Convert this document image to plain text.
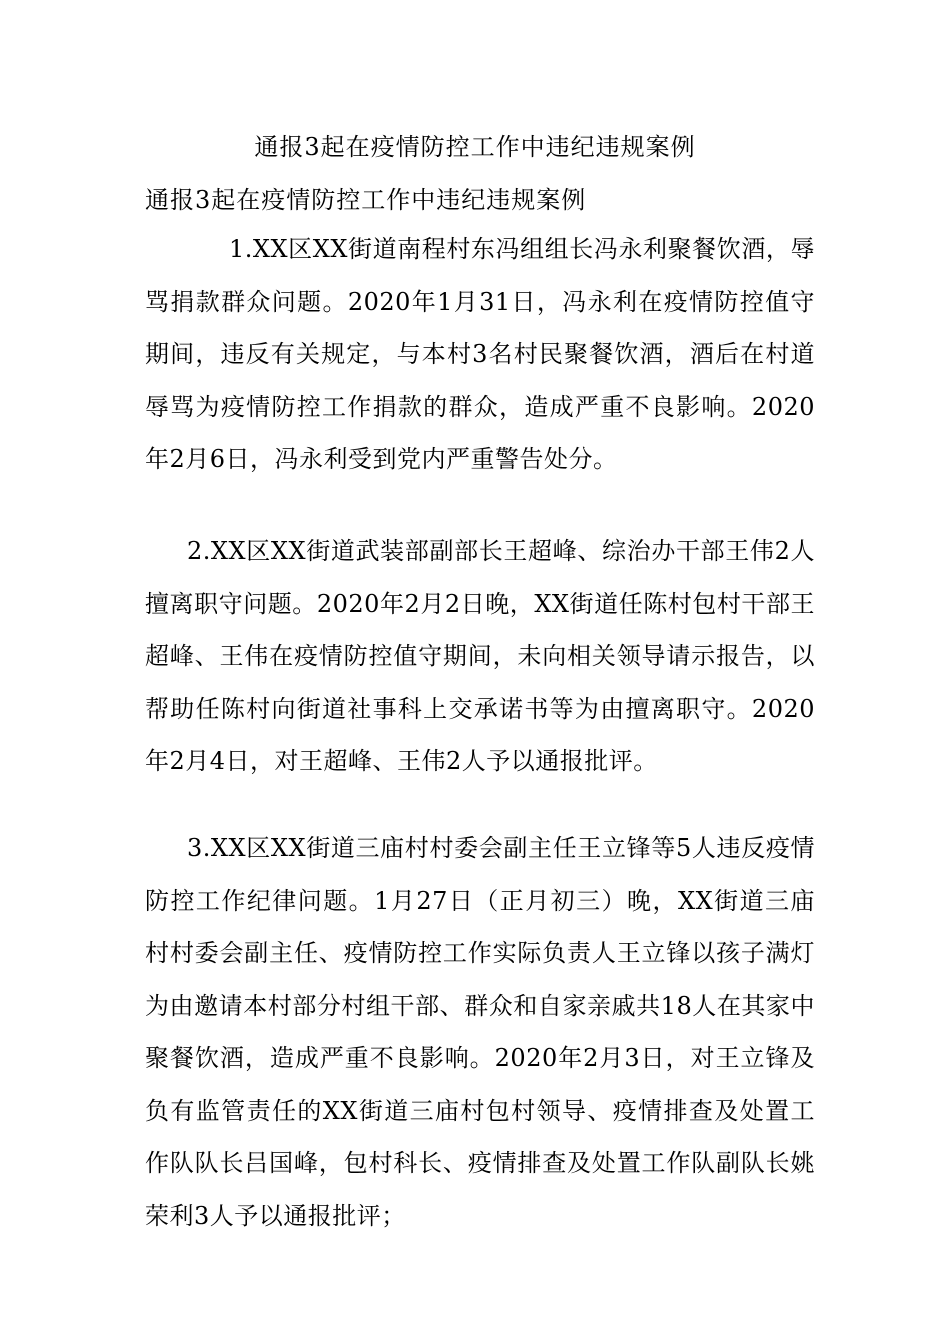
通报3起在疫情防控工作中违纪违规案例
通报3起在疫情防控工作中违纪违规案例
1.XX区XX街道南程村东冯组组长冯永利聚餐饮酒，辱骂捐款群众问题。2020年1月31日，冯永利在疫情防控值守期间，违反有关规定，与本村3名村民聚餐饮酒，酒后在村道辱骂为疫情防控工作捐款的群众，造成严重不良影响。2020年2月6日，冯永利受到党内严重警告处分。
2.XX区XX街道武装部副部长王超峰、综治办干部王伟2人擅离职守问题。2020年2月2日晚，XX街道任陈村包村干部王超峰、王伟在疫情防控值守期间，未向相关领导请示报告，以帮助任陈村向街道社事科上交承诺书等为由擅离职守。2020年2月4日，对王超峰、王伟2人予以通报批评。
3.XX区XX街道三庙村村委会副主任王立锋等5人违反疫情防控工作纪律问题。1月27日（正月初三）晚，XX街道三庙村村委会副主任、疫情防控工作实际负责人王立锋以孩子满灯为由邀请本村部分村组干部、群众和自家亲戚共18人在其家中聚餐饮酒，造成严重不良影响。2020年2月3日，对王立锋及负有监管责任的XX街道三庙村包村领导、疫情排查及处置工作队队长吕国峰，包村科长、疫情排查及处置工作队副队长姚荣利3人予以通报批评；
